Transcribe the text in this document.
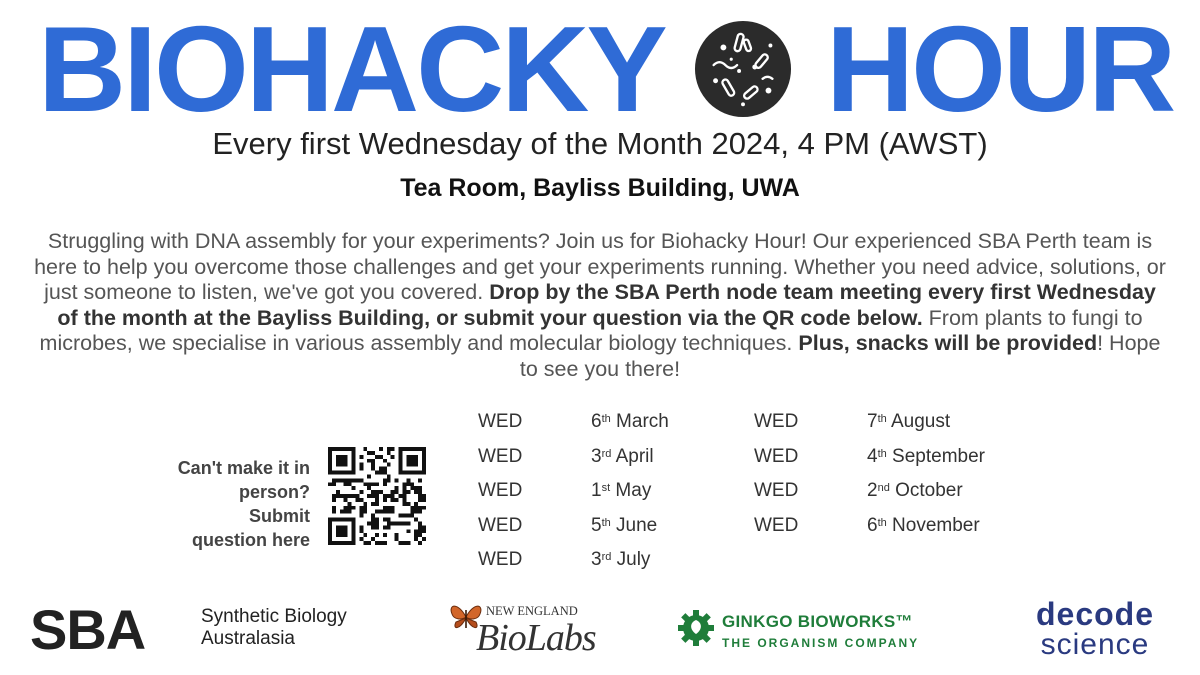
BIOHACKY HOUR
Every first Wednesday of the Month 2024, 4 PM (AWST)
Tea Room, Bayliss Building, UWA
Struggling with DNA assembly for your experiments? Join us for Biohacky Hour! Our experienced SBA Perth team is here to help you overcome those challenges and get your experiments running. Whether you need advice, solutions, or just someone to listen, we've got you covered. Drop by the SBA Perth node team meeting every first Wednesday of the month at the Bayliss Building, or submit your question via the QR code below. From plants to fungi to microbes, we specialise in various assembly and molecular biology techniques. Plus, snacks will be provided! Hope to see you there!
Can't make it in
person?
Submit
question here
WED	6th March
WED	3rd April
WED	1st May
WED	5th June
WED	3rd July
WED	7th August
WED	4th September
WED	2nd October
WED	6th November
SBA	Synthetic Biology
Australasia
NEW ENGLAND
BioLabs	GINKGO BIOWORKS™
THE ORGANISM COMPANY
decode
science
